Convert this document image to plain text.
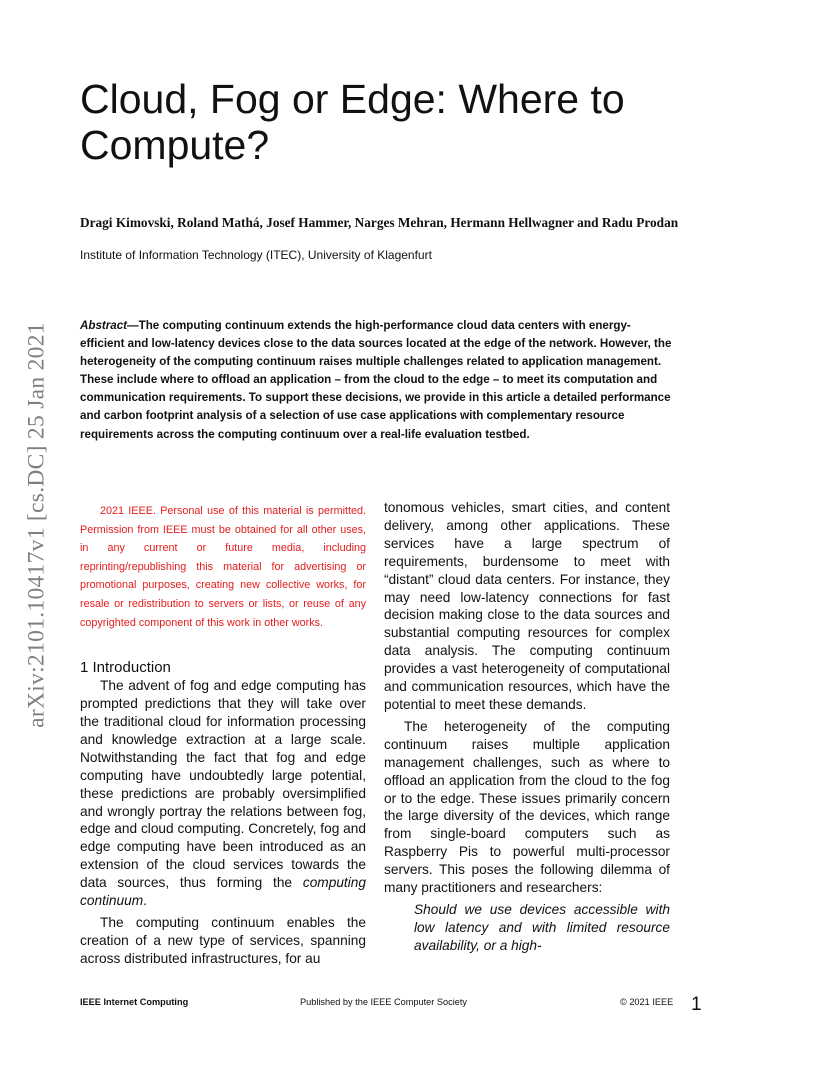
arXiv:2101.10417v1 [cs.DC] 25 Jan 2021
Cloud, Fog or Edge: Where to Compute?
Dragi Kimovski, Roland Mathá, Josef Hammer, Narges Mehran, Hermann Hellwagner and Radu Prodan
Institute of Information Technology (ITEC), University of Klagenfurt
Abstract—The computing continuum extends the high-performance cloud data centers with energy-efficient and low-latency devices close to the data sources located at the edge of the network. However, the heterogeneity of the computing continuum raises multiple challenges related to application management. These include where to offload an application – from the cloud to the edge – to meet its computation and communication requirements. To support these decisions, we provide in this article a detailed performance and carbon footprint analysis of a selection of use case applications with complementary resource requirements across the computing continuum over a real-life evaluation testbed.

2021 IEEE. Personal use of this material is permitted. Permission from IEEE must be obtained for all other uses, in any current or future media, including reprinting/republishing this material for advertising or promotional purposes, creating new collective works, for resale or redistribution to servers or lists, or reuse of any copyrighted component of this work in other works.

1 Introduction

The advent of fog and edge computing has prompted predictions that they will take over the traditional cloud for information processing and knowledge extraction at a large scale. Notwithstanding the fact that fog and edge computing have undoubtedly large potential, these predictions are probably oversimplified and wrongly portray the relations between fog, edge and cloud computing. Concretely, fog and edge computing have been introduced as an extension of the cloud services towards the data sources, thus forming the computing continuum.

The computing continuum enables the creation of a new type of services, spanning across distributed infrastructures, for au

tonomous vehicles, smart cities, and content delivery, among other applications. These services have a large spectrum of requirements, burdensome to meet with “distant” cloud data centers. For instance, they may need low-latency connections for fast decision making close to the data sources and substantial computing resources for complex data analysis. The computing continuum provides a vast heterogeneity of computational and communication resources, which have the potential to meet these demands.

The heterogeneity of the computing continuum raises multiple application management challenges, such as where to offload an application from the cloud to the fog or to the edge. These issues primarily concern the large diversity of the devices, which range from single-board computers such as Raspberry Pis to powerful multi-processor servers. This poses the following dilemma of many practitioners and researchers:

Should we use devices accessible with low latency and with limited resource availability, or a high-

IEEE Internet Computing	Published by the IEEE Computer Society	© 2021 IEEE 1
